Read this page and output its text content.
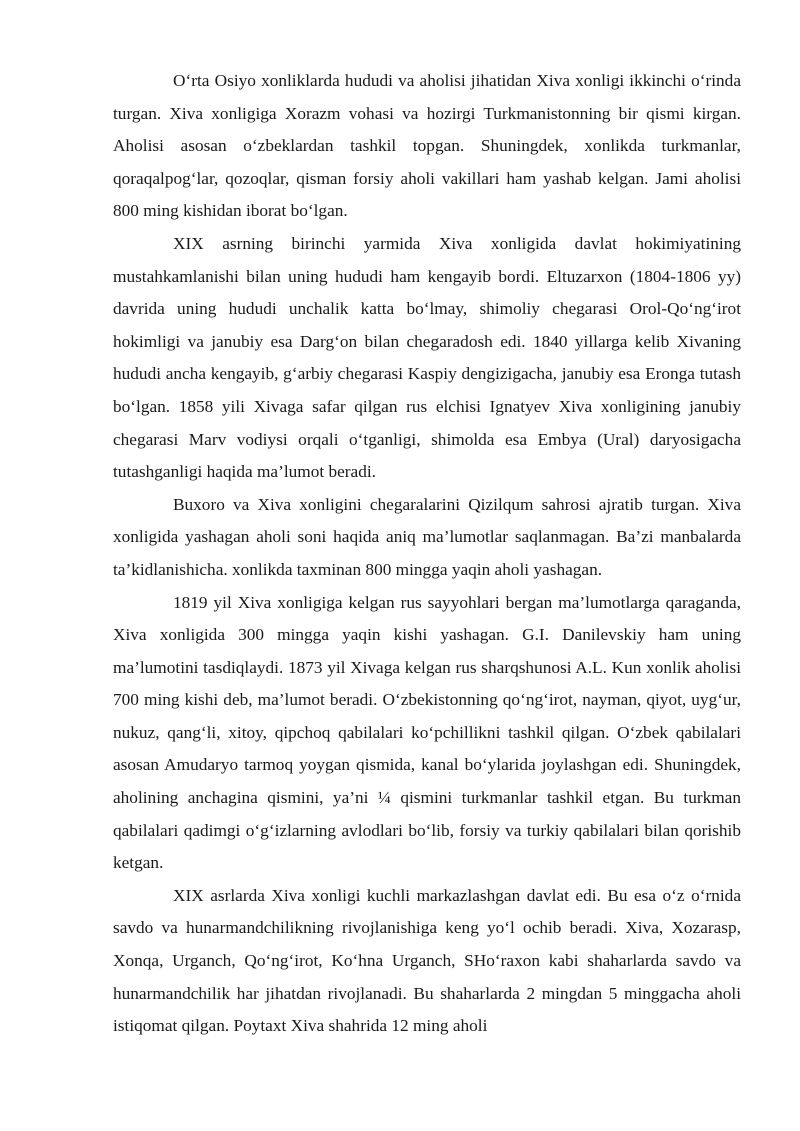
O‘rta Osiyo xonliklarda hududi va aholisi jihatidan Xiva xonligi ikkinchi o‘rinda turgan. Xiva xonligiga Xorazm vohasi va hozirgi Turkmanistonning bir qismi kirgan. Aholisi asosan o‘zbeklardan tashkil topgan. Shuningdek, xonlikda turkmanlar, qoraqalpog‘lar, qozoqlar, qisman forsiy aholi vakillari ham yashab kelgan. Jami aholisi 800 ming kishidan iborat bo‘lgan.

XIX asrning birinchi yarmida Xiva xonligida davlat hokimiyatining mustahkamlanishi bilan uning hududi ham kengayib bordi. Eltuzarxon (1804-1806 yy) davrida uning hududi unchalik katta bo‘lmay, shimoliy chegarasi Orol-Qo‘ng‘irot hokimligi va janubiy esa Darg‘on bilan chegaradosh edi. 1840 yillarga kelib Xivaning hududi ancha kengayib, g‘arbiy chegarasi Kaspiy dengizigacha, janubiy esa Eronga tutash bo‘lgan. 1858 yili Xivaga safar qilgan rus elchisi Ignatyev Xiva xonligining janubiy chegarasi Marv vodiysi orqali o‘tganligi, shimolda esa Embya (Ural) daryosigacha tutashganligi haqida ma’lumot beradi.

Buxoro va Xiva xonligini chegaralarini Qizilqum sahrosi ajratib turgan. Xiva xonligida yashagan aholi soni haqida aniq ma’lumotlar saqlanmagan. Ba’zi manbalarda ta’kidlanishicha. xonlikda taxminan 800 mingga yaqin aholi yashagan.

1819 yil Xiva xonligiga kelgan rus sayyohlari bergan ma’lumotlarga qaraganda, Xiva xonligida 300 mingga yaqin kishi yashagan. G.I. Danilevskiy ham uning ma’lumotini tasdiqlaydi. 1873 yil Xivaga kelgan rus sharqshunosi A.L. Kun xonlik aholisi 700 ming kishi deb, ma’lumot beradi. O‘zbekistonning qo‘ng‘irot, nayman, qiyot, uyg‘ur, nukuz, qang‘li, xitoy, qipchoq qabilalari ko‘pchillikni tashkil qilgan. O‘zbek qabilalari asosan Amudaryo tarmoq yoygan qismida, kanal bo‘ylarida joylashgan edi. Shuningdek, aholining anchagina qismini, ya’ni ¼ qismini turkmanlar tashkil etgan. Bu turkman qabilalari qadimgi o‘g‘izlarning avlodlari bo‘lib, forsiy va turkiy qabilalari bilan qorishib ketgan.

XIX asrlarda Xiva xonligi kuchli markazlashgan davlat edi. Bu esa o‘z o‘rnida savdo va hunarmandchilikning rivojlanishiga keng yo‘l ochib beradi. Xiva, Xozarasp, Xonqa, Urganch, Qo‘ng‘irot, Ko‘hna Urganch, SHo‘raxon kabi shaharlarda savdo va hunarmandchilik har jihatdan rivojlanadi. Bu shaharlarda 2 mingdan 5 minggacha aholi istiqomat qilgan. Poytaxt Xiva shahrida 12 ming aholi
